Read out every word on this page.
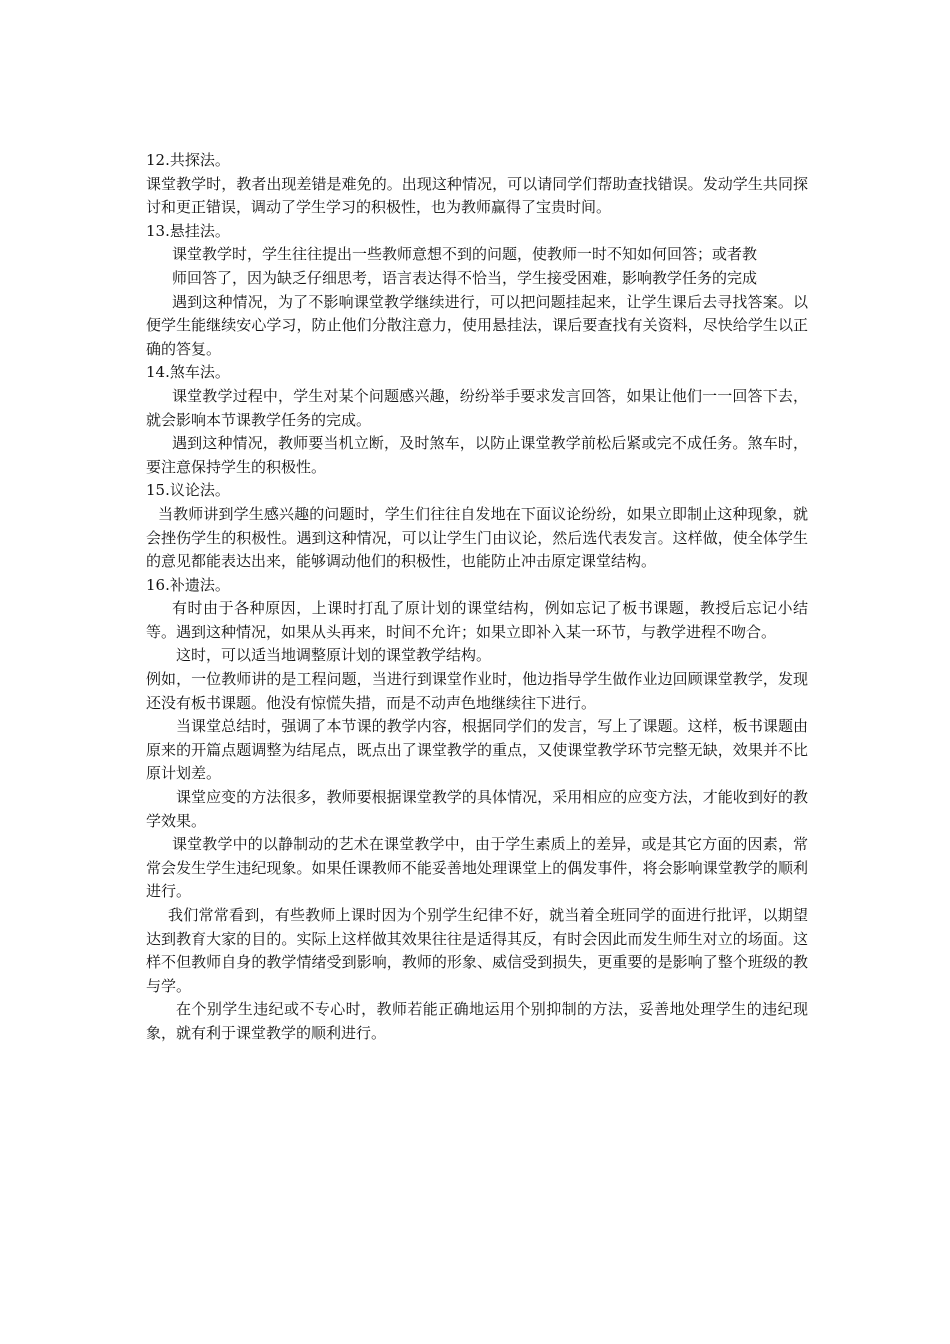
12.共探法。

课堂教学时，教者出现差错是难免的。出现这种情况，可以请同学们帮助查找错误。发动学生共同探讨和更正错误，调动了学生学习的积极性，也为教师赢得了宝贵时间。

13.悬挂法。

课堂教学时，学生往往提出一些教师意想不到的问题，使教师一时不知如何回答；或者教

师回答了，因为缺乏仔细思考，语言表达得不恰当，学生接受困难，影响教学任务的完成

遇到这种情况，为了不影响课堂教学继续进行，可以把问题挂起来，让学生课后去寻找答案。以便学生能继续安心学习，防止他们分散注意力，使用悬挂法，课后要查找有关资料，尽快给学生以正确的答复。

14.煞车法。

课堂教学过程中，学生对某个问题感兴趣，纷纷举手要求发言回答，如果让他们一一回答下去，就会影响本节课教学任务的完成。

遇到这种情况，教师要当机立断，及时煞车，以防止课堂教学前松后紧或完不成任务。煞车时，要注意保持学生的积极性。

15.议论法。

当教师讲到学生感兴趣的问题时，学生们往往自发地在下面议论纷纷，如果立即制止这种现象，就会挫伤学生的积极性。遇到这种情况，可以让学生门由议论，然后选代表发言。这样做，使全体学生的意见都能表达出来，能够调动他们的积极性，也能防止冲击原定课堂结构。

16.补遗法。

有时由于各种原因，上课时打乱了原计划的课堂结构，例如忘记了板书课题，教授后忘记小结等。遇到这种情况，如果从头再来，时间不允许；如果立即补入某一环节，与教学进程不吻合。

这时，可以适当地调整原计划的课堂教学结构。

例如，一位教师讲的是工程问题，当进行到课堂作业时，他边指导学生做作业边回顾课堂教学，发现还没有板书课题。他没有惊慌失措，而是不动声色地继续往下进行。

当课堂总结时，强调了本节课的教学内容，根据同学们的发言，写上了课题。这样，板书课题由原来的开篇点题调整为结尾点，既点出了课堂教学的重点，又使课堂教学环节完整无缺，效果并不比原计划差。

课堂应变的方法很多，教师要根据课堂教学的具体情况，采用相应的应变方法，才能收到好的教学效果。

课堂教学中的以静制动的艺术在课堂教学中，由于学生素质上的差异，或是其它方面的因素，常常会发生学生违纪现象。如果任课教师不能妥善地处理课堂上的偶发事件，将会影响课堂教学的顺利进行。

我们常常看到，有些教师上课时因为个别学生纪律不好，就当着全班同学的面进行批评，以期望达到教育大家的目的。实际上这样做其效果往往是适得其反，有时会因此而发生师生对立的场面。这样不但教师自身的教学情绪受到影响，教师的形象、威信受到损失，更重要的是影响了整个班级的教与学。

在个别学生违纪或不专心时，教师若能正确地运用个别抑制的方法，妥善地处理学生的违纪现象，就有利于课堂教学的顺利进行。
